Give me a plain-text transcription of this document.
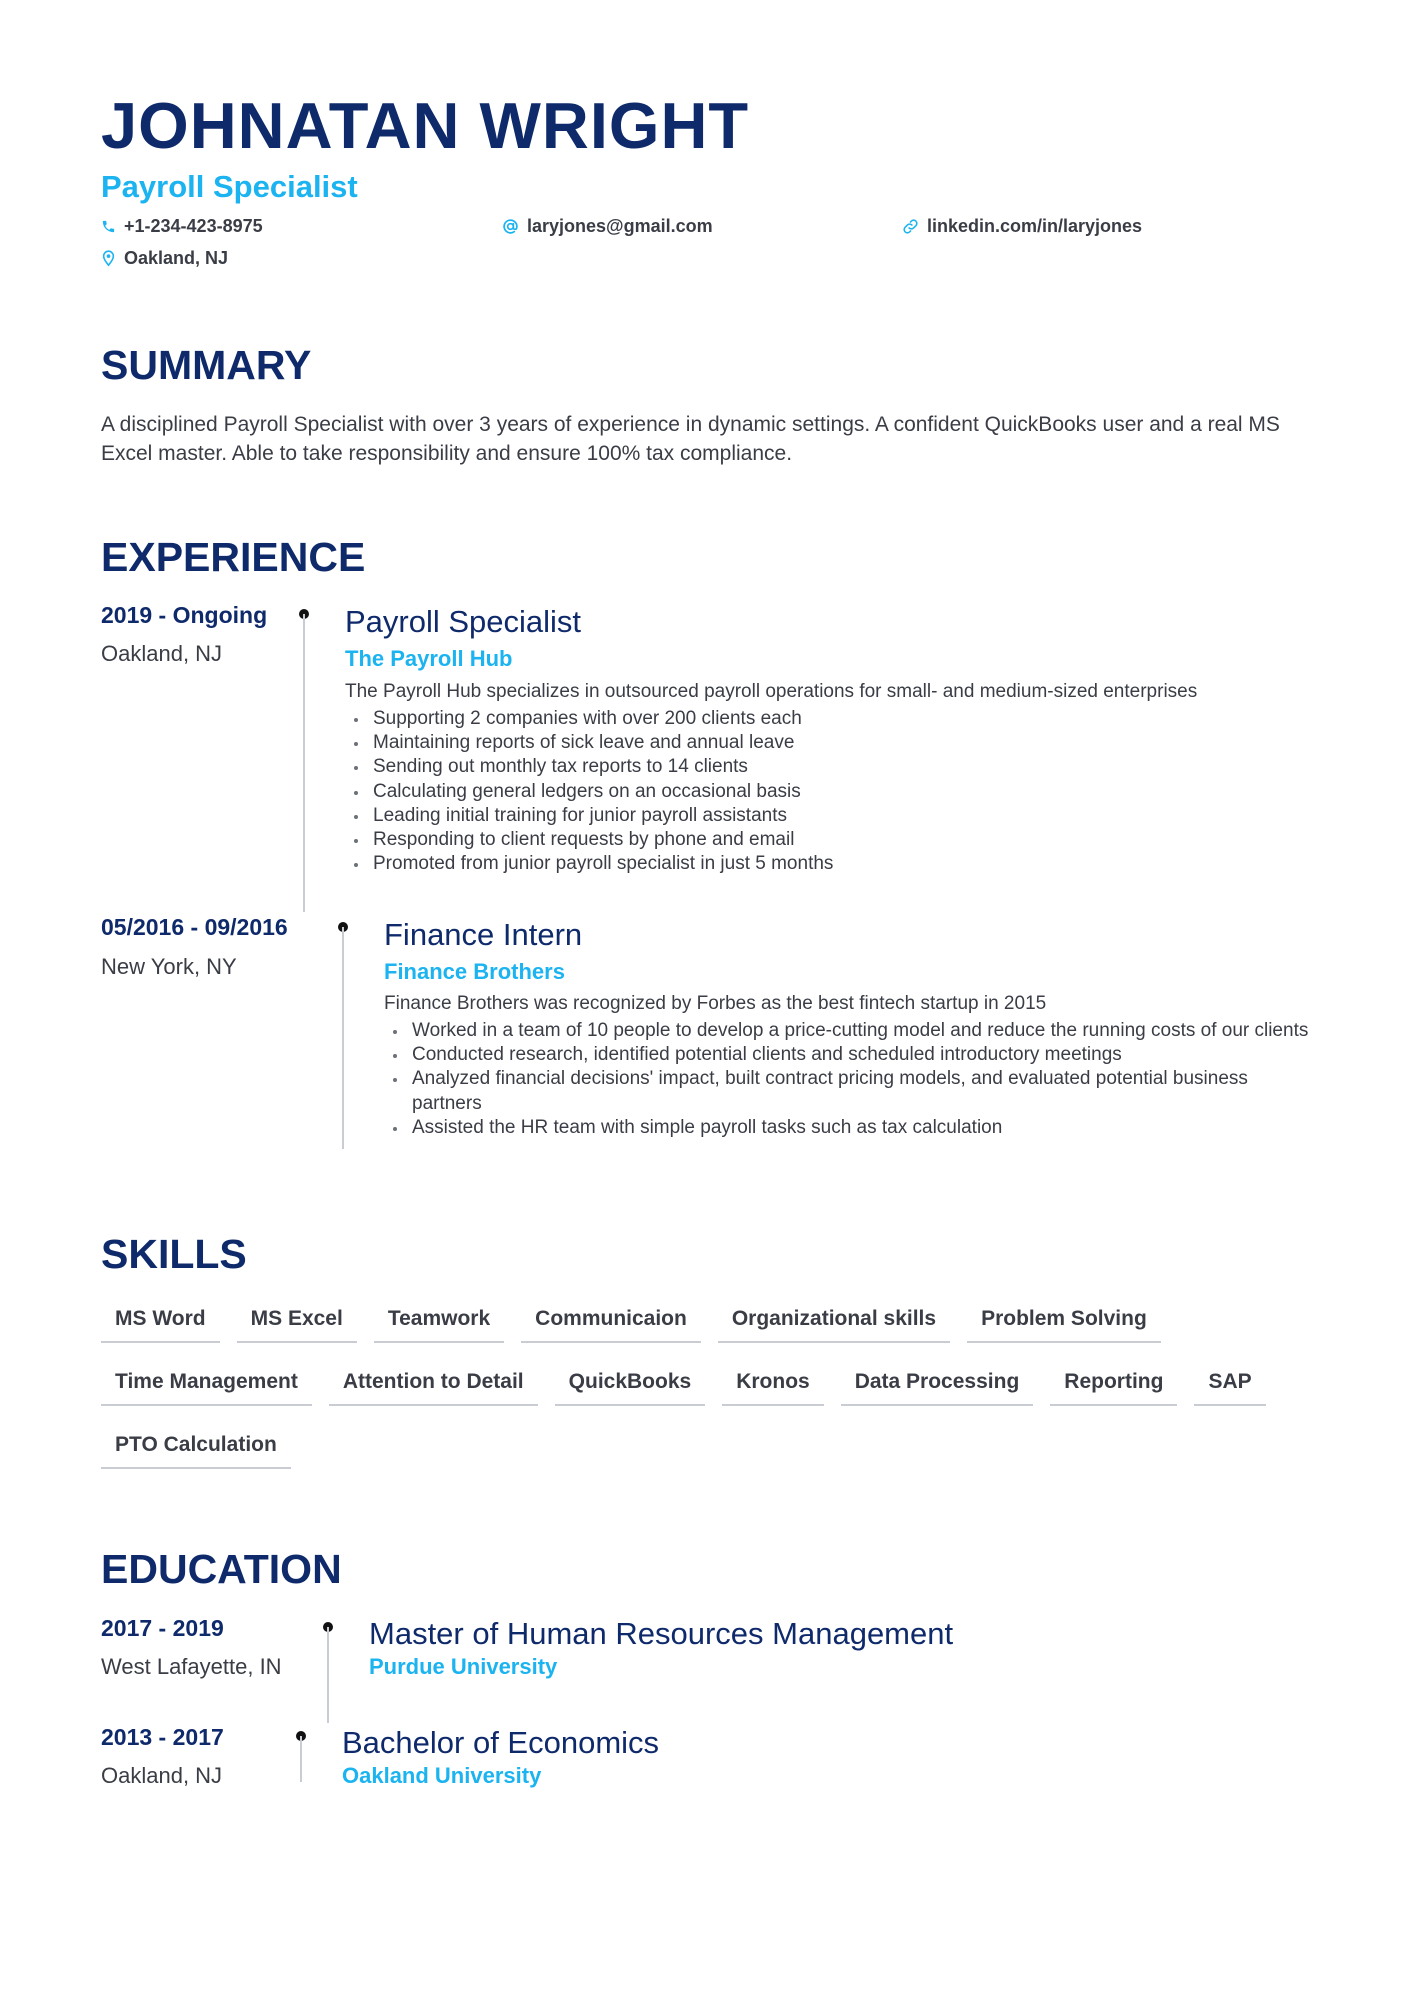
JOHNATAN WRIGHT
Payroll Specialist
+1-234-423-8975	laryjones@gmail.com	linkedin.com/in/laryjones
Oakland, NJ
SUMMARY
A disciplined Payroll Specialist with over 3 years of experience in dynamic settings. A confident QuickBooks user and a real MS Excel master. Able to take responsibility and ensure 100% tax compliance.
EXPERIENCE
2019 - Ongoing
Oakland, NJ
Payroll Specialist
The Payroll Hub
The Payroll Hub specializes in outsourced payroll operations for small- and medium-sized enterprises
Supporting 2 companies with over 200 clients each
Maintaining reports of sick leave and annual leave
Sending out monthly tax reports to 14 clients
Calculating general ledgers on an occasional basis
Leading initial training for junior payroll assistants
Responding to client requests by phone and email
Promoted from junior payroll specialist in just 5 months
05/2016 - 09/2016
New York, NY
Finance Intern
Finance Brothers
Finance Brothers was recognized by Forbes as the best fintech startup in 2015
Worked in a team of 10 people to develop a price-cutting model and reduce the running costs of our clients
Conducted research, identified potential clients and scheduled introductory meetings
Analyzed financial decisions' impact, built contract pricing models, and evaluated potential business partners
Assisted the HR team with simple payroll tasks such as tax calculation
SKILLS
MS Word	MS Excel	Teamwork	Communicaion	Organizational skills	Problem Solving
Time Management	Attention to Detail	QuickBooks	Kronos	Data Processing	Reporting	SAP
PTO Calculation
EDUCATION
2017 - 2019
West Lafayette, IN
Master of Human Resources Management
Purdue University
2013 - 2017
Oakland, NJ
Bachelor of Economics
Oakland University
